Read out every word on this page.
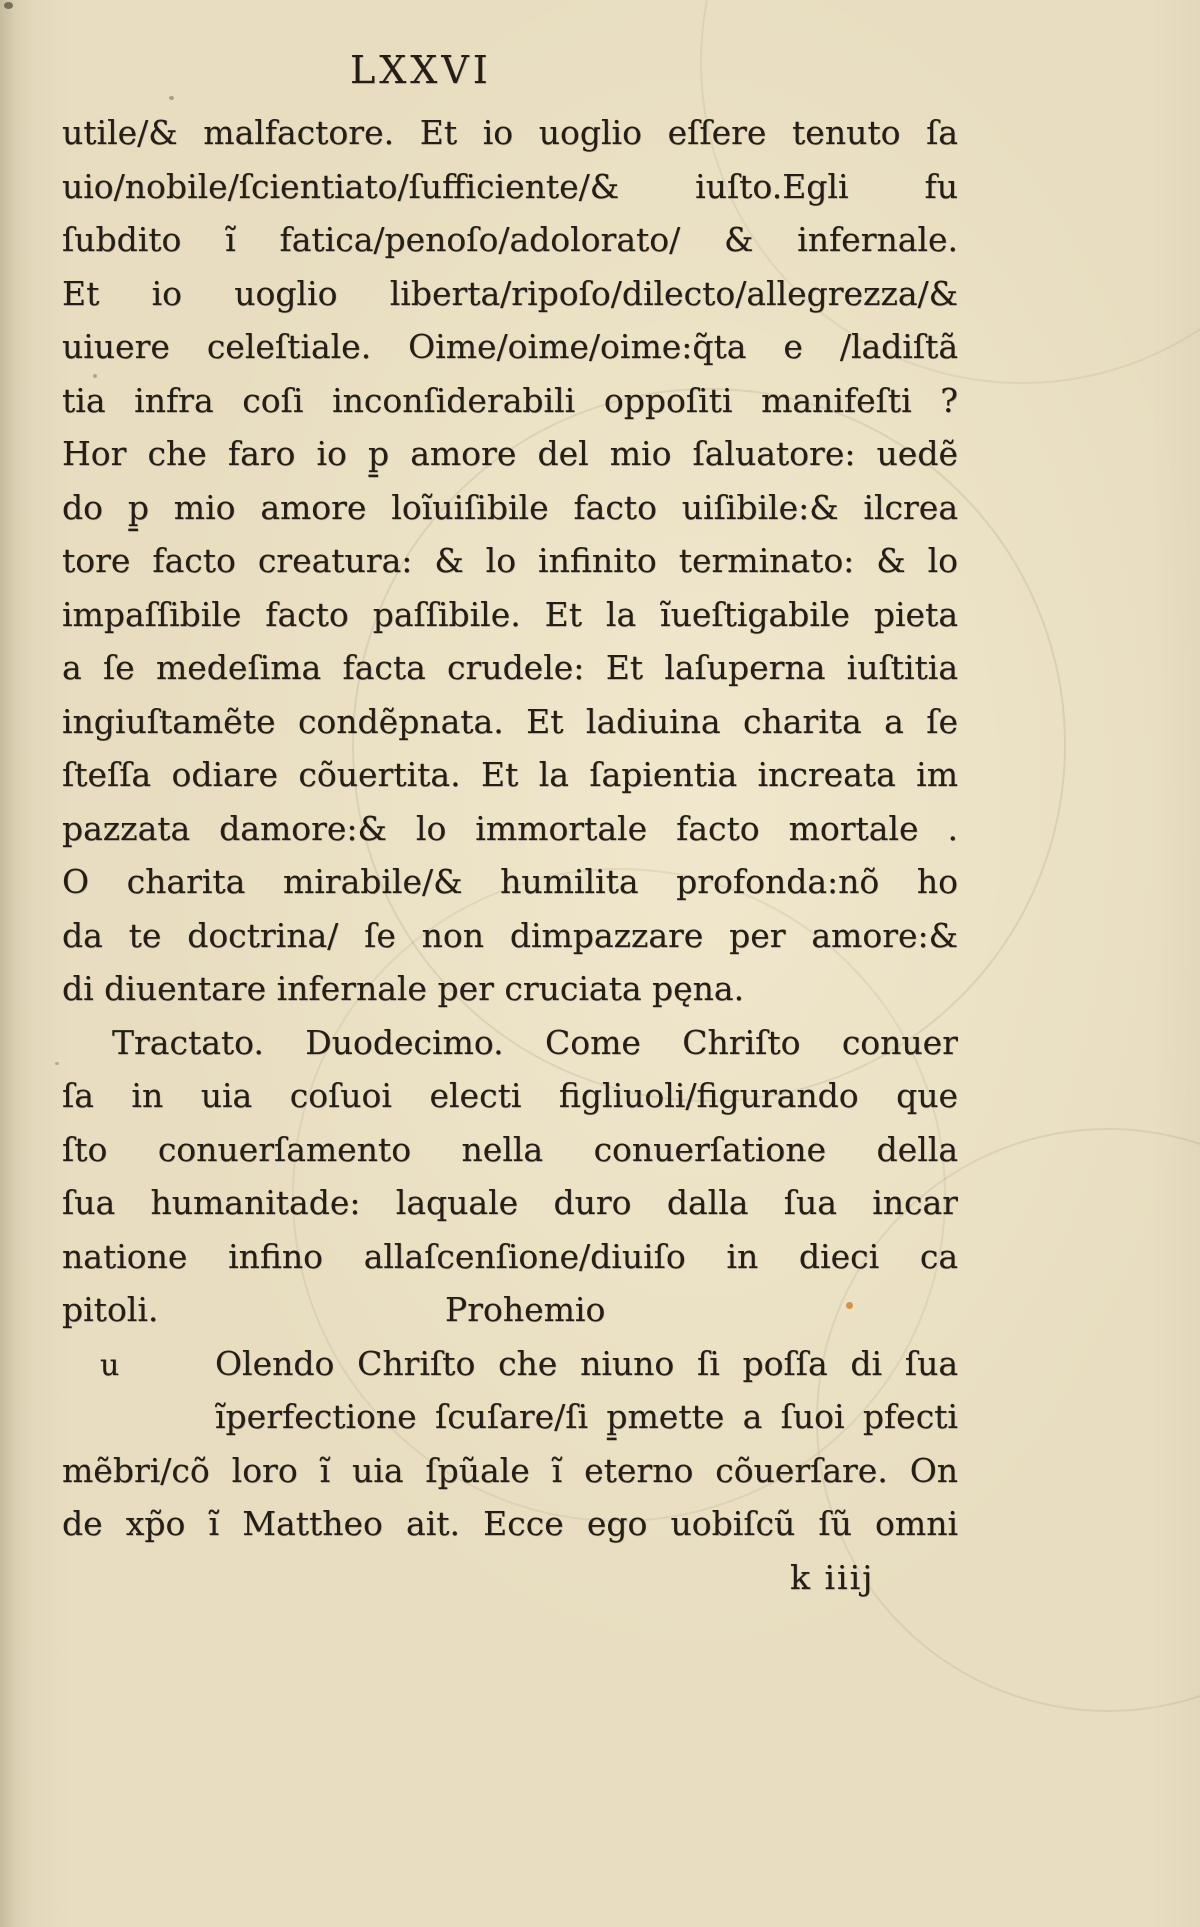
LXXVI
utile/& malfactore. Et io uoglio eſſere tenuto ſa
uio/nobile/ſcientiato/ſufficiente/& iuſto.Egli fu
ſubdito ĩ fatica/penoſo/adolorato/ & infernale.
Et io uoglio liberta/ripoſo/dilecto/allegrezza/&
uiuere celeſtiale. Oime/oime/oime:q̃ta e /ladiſtã
tia infra coſi inconſiderabili oppoſiti manifeſti ?
Hor che faro io p̱ amore del mio ſaluatore: uedẽ
do p̱ mio amore loĩuiſibile facto uiſibile:& ilcrea
tore facto creatura: & lo infinito terminato: & lo
impaſſibile facto paſſibile. Et la ĩueſtigabile pieta
a ſe medeſima facta crudele: Et laſuperna iuſtitia
ingiuſtamẽte condẽpnata. Et ladiuina charita a ſe
ſteſſa odiare cõuertita. Et la ſapientia increata im
pazzata damore:& lo immortale facto mortale .
O charita mirabile/& humilita profonda:nõ ho
da te doctrina/ ſe non dimpazzare per amore:&
di diuentare infernale per cruciata pęna.
Tractato. Duodecimo. Come Chriſto conuer
ſa in uia coſuoi electi figliuoli/figurando que
ſto conuerſamento nella conuerſatione della
ſua humanitade: laquale duro dalla ſua incar
natione infino allaſcenſione/diuiſo in dieci ca
pitoli.	Prohemio
u	Olendo Chriſto che niuno ſi poſſa di ſua
ĩperfectione ſcuſare/ſi p̱mette a ſuoi pfecti
mẽbri/cõ loro ĩ uia ſpũale ĩ eterno cõuerſare. On
de xp̃o ĩ Mattheo ait. Ecce ego uobiſcũ ſũ omni
k iiij
